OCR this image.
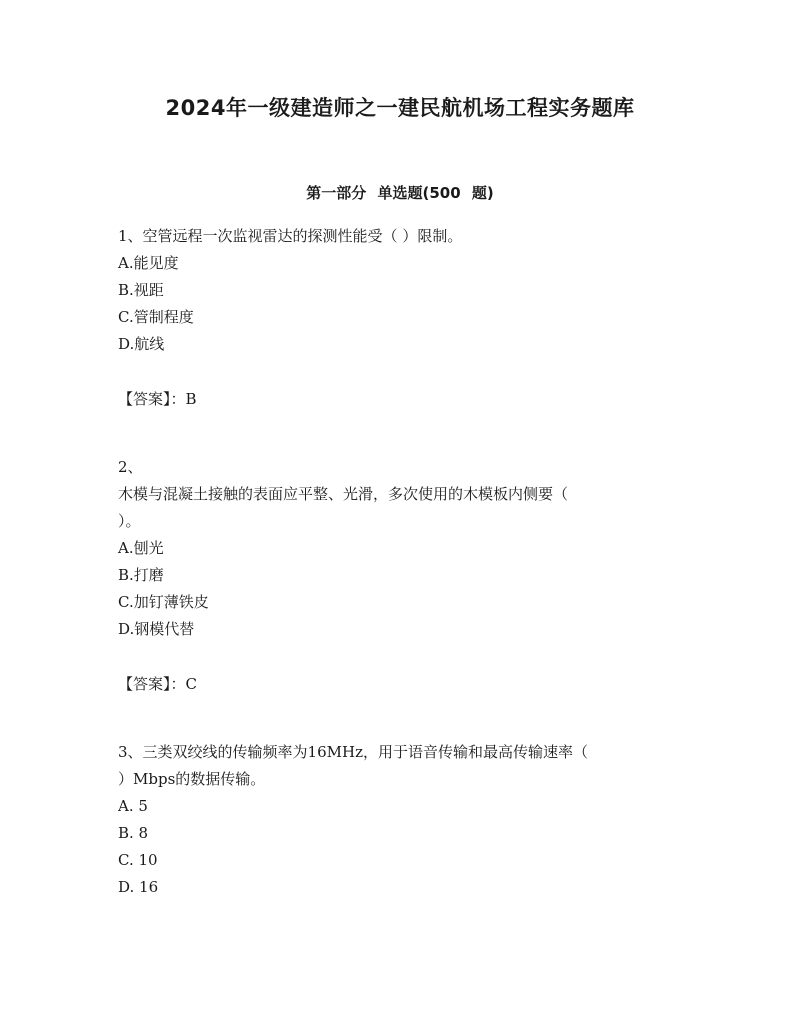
2024年一级建造师之一建民航机场工程实务题库
第一部分 单选题(500 题)
1、空管远程一次监视雷达的探测性能受（ ）限制。
A.能见度
B.视距
C.管制程度
D.航线
【答案】：B
2、
木模与混凝土接触的表面应平整、光滑，多次使用的木模板内侧要（
）。
A.刨光
B.打磨
C.加钉薄铁皮
D.钢模代替
【答案】：C
3、三类双绞线的传输频率为16MHz，用于语音传输和最高传输速率（
）Mbps的数据传输。
A. 5
B. 8
C. 10
D. 16
